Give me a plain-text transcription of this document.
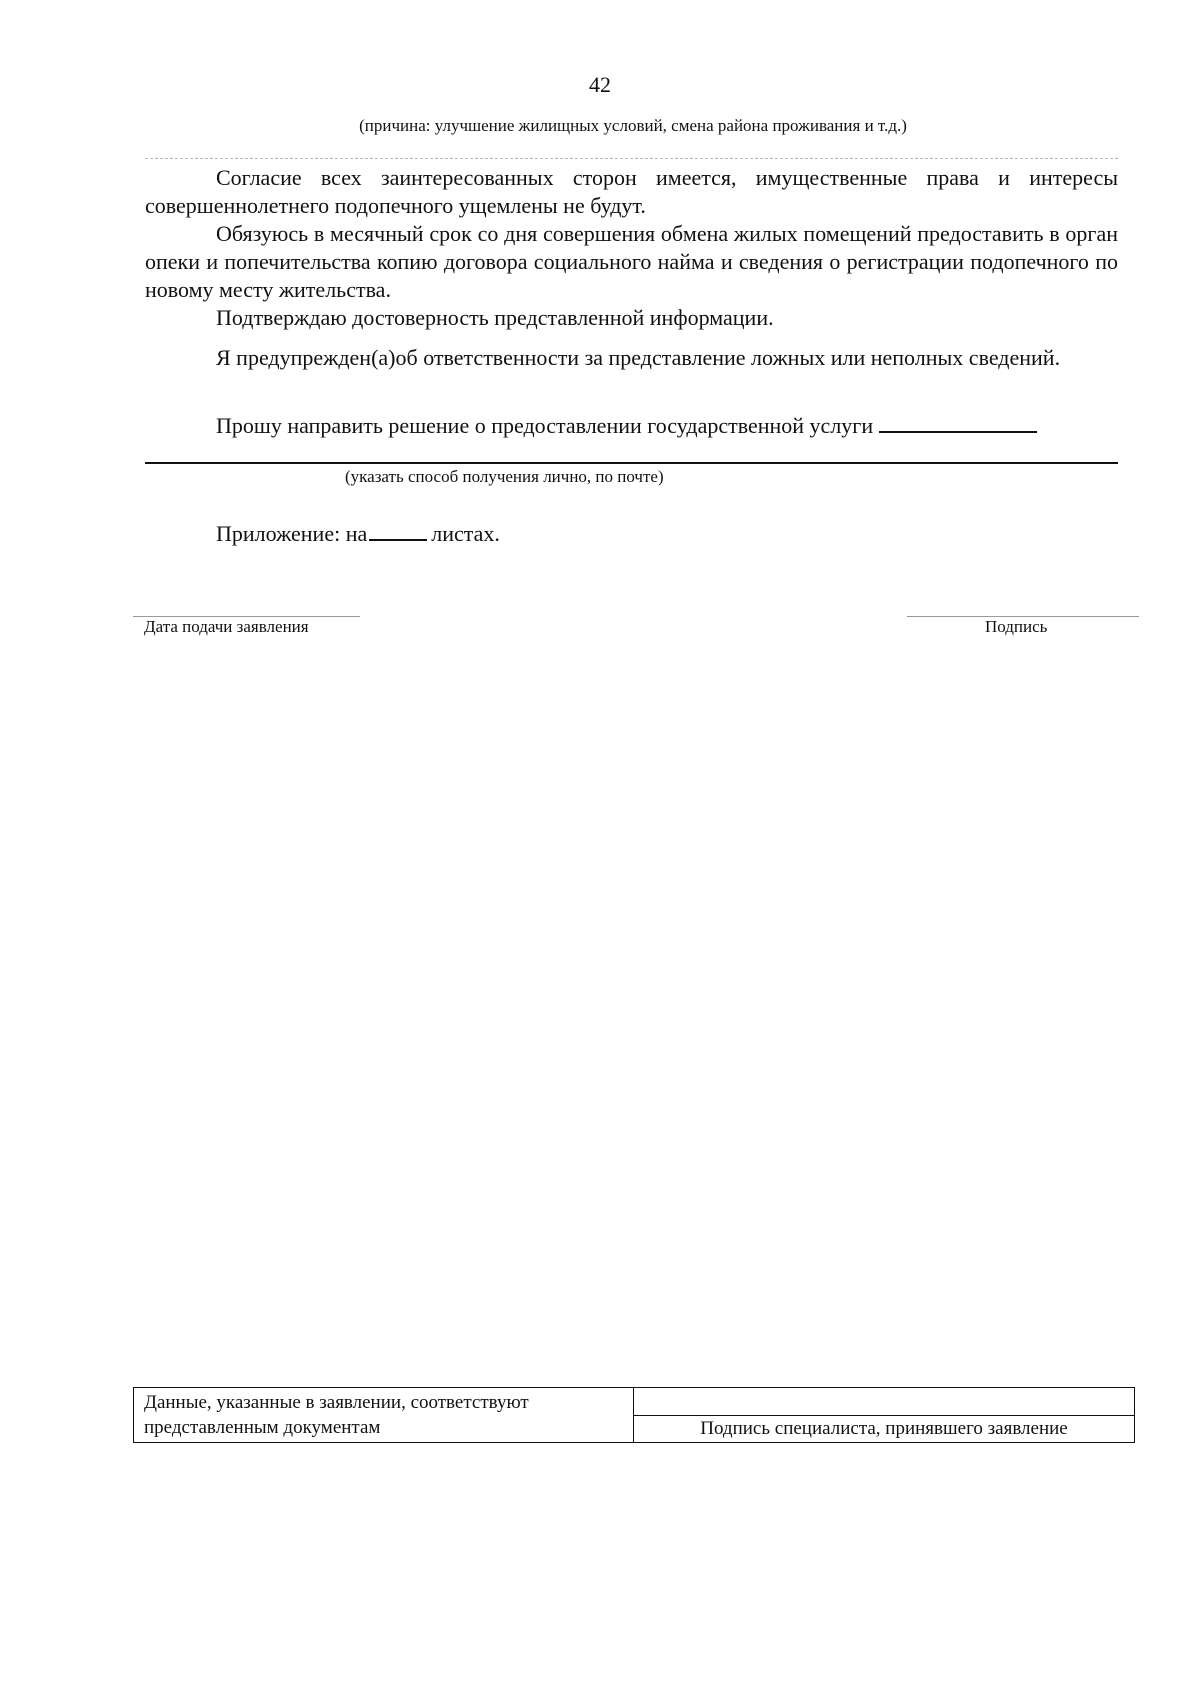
42
(причина: улучшение жилищных условий, смена района проживания и т.д.)

Согласие всех заинтересованных сторон имеется, имущественные права и интересы совершеннолетнего подопечного ущемлены не будут.

Обязуюсь в месячный срок со дня совершения обмена жилых помещений предоставить в орган опеки и попечительства копию договора социального найма и сведения о регистрации подопечного по новому месту жительства.

Подтверждаю достоверность представленной информации.

Я предупрежден(а)об ответственности за представление ложных или неполных сведений.

Прошу направить решение о предоставлении государственной услуги

(указать способ получения лично, по почте)
Приложение: на	листах.
Дата подачи заявления	Подпись
Данные, указанные в заявлении, соответствуют представленным документам	Подпись специалиста, принявшего заявление
